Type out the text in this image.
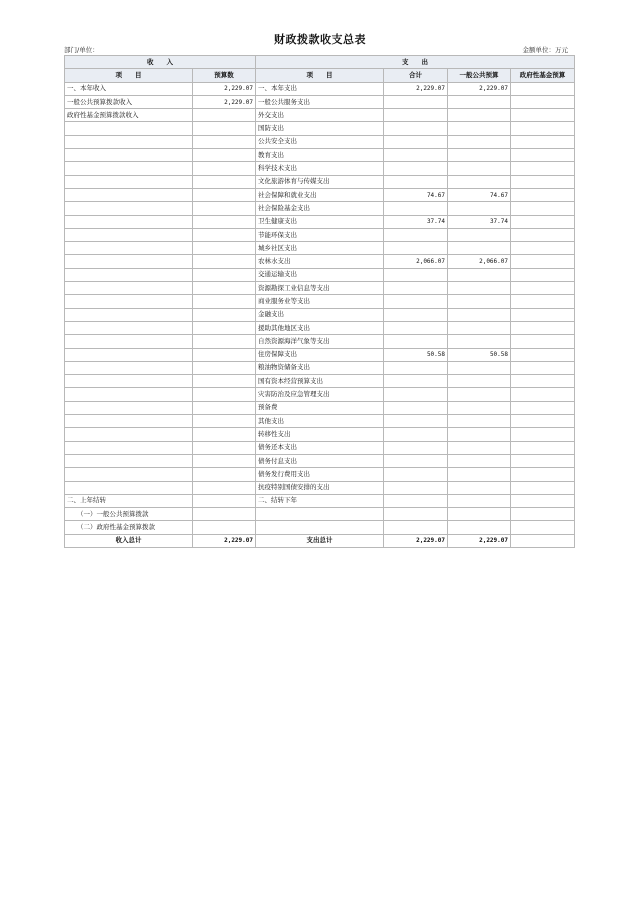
财政拨款收支总表
部门/单位：	金额单位：万元
收　　入		支　　出			
项　　目	预算数	项　　目	合计	一般公共预算	政府性基金预算
一、本年收入	2,229.07	一、本年支出	2,229.07	2,229.07	
一般公共预算拨款收入	2,229.07	一般公共服务支出			
政府性基金预算拨款收入		外交支出			
		国防支出			
		公共安全支出			
		教育支出			
		科学技术支出			
		文化旅游体育与传媒支出			
		社会保障和就业支出	74.67	74.67	
		社会保险基金支出			
		卫生健康支出	37.74	37.74	
		节能环保支出			
		城乡社区支出			
		农林水支出	2,066.07	2,066.07	
		交通运输支出			
		资源勘探工业信息等支出			
		商业服务业等支出			
		金融支出			
		援助其他地区支出			
		自然资源海洋气象等支出			
		住房保障支出	50.58	50.58	
		粮油物资储备支出			
		国有资本经营预算支出			
		灾害防治及应急管理支出			
		预备费			
		其他支出			
		转移性支出			
		债务还本支出			
		债务付息支出			
		债务发行费用支出			
		抗疫特别国债安排的支出			
二、上年结转		二、结转下年			
（一）一般公共预算拨款					
（二）政府性基金预算拨款					
收入总计	2,229.07	支出总计	2,229.07	2,229.07	
